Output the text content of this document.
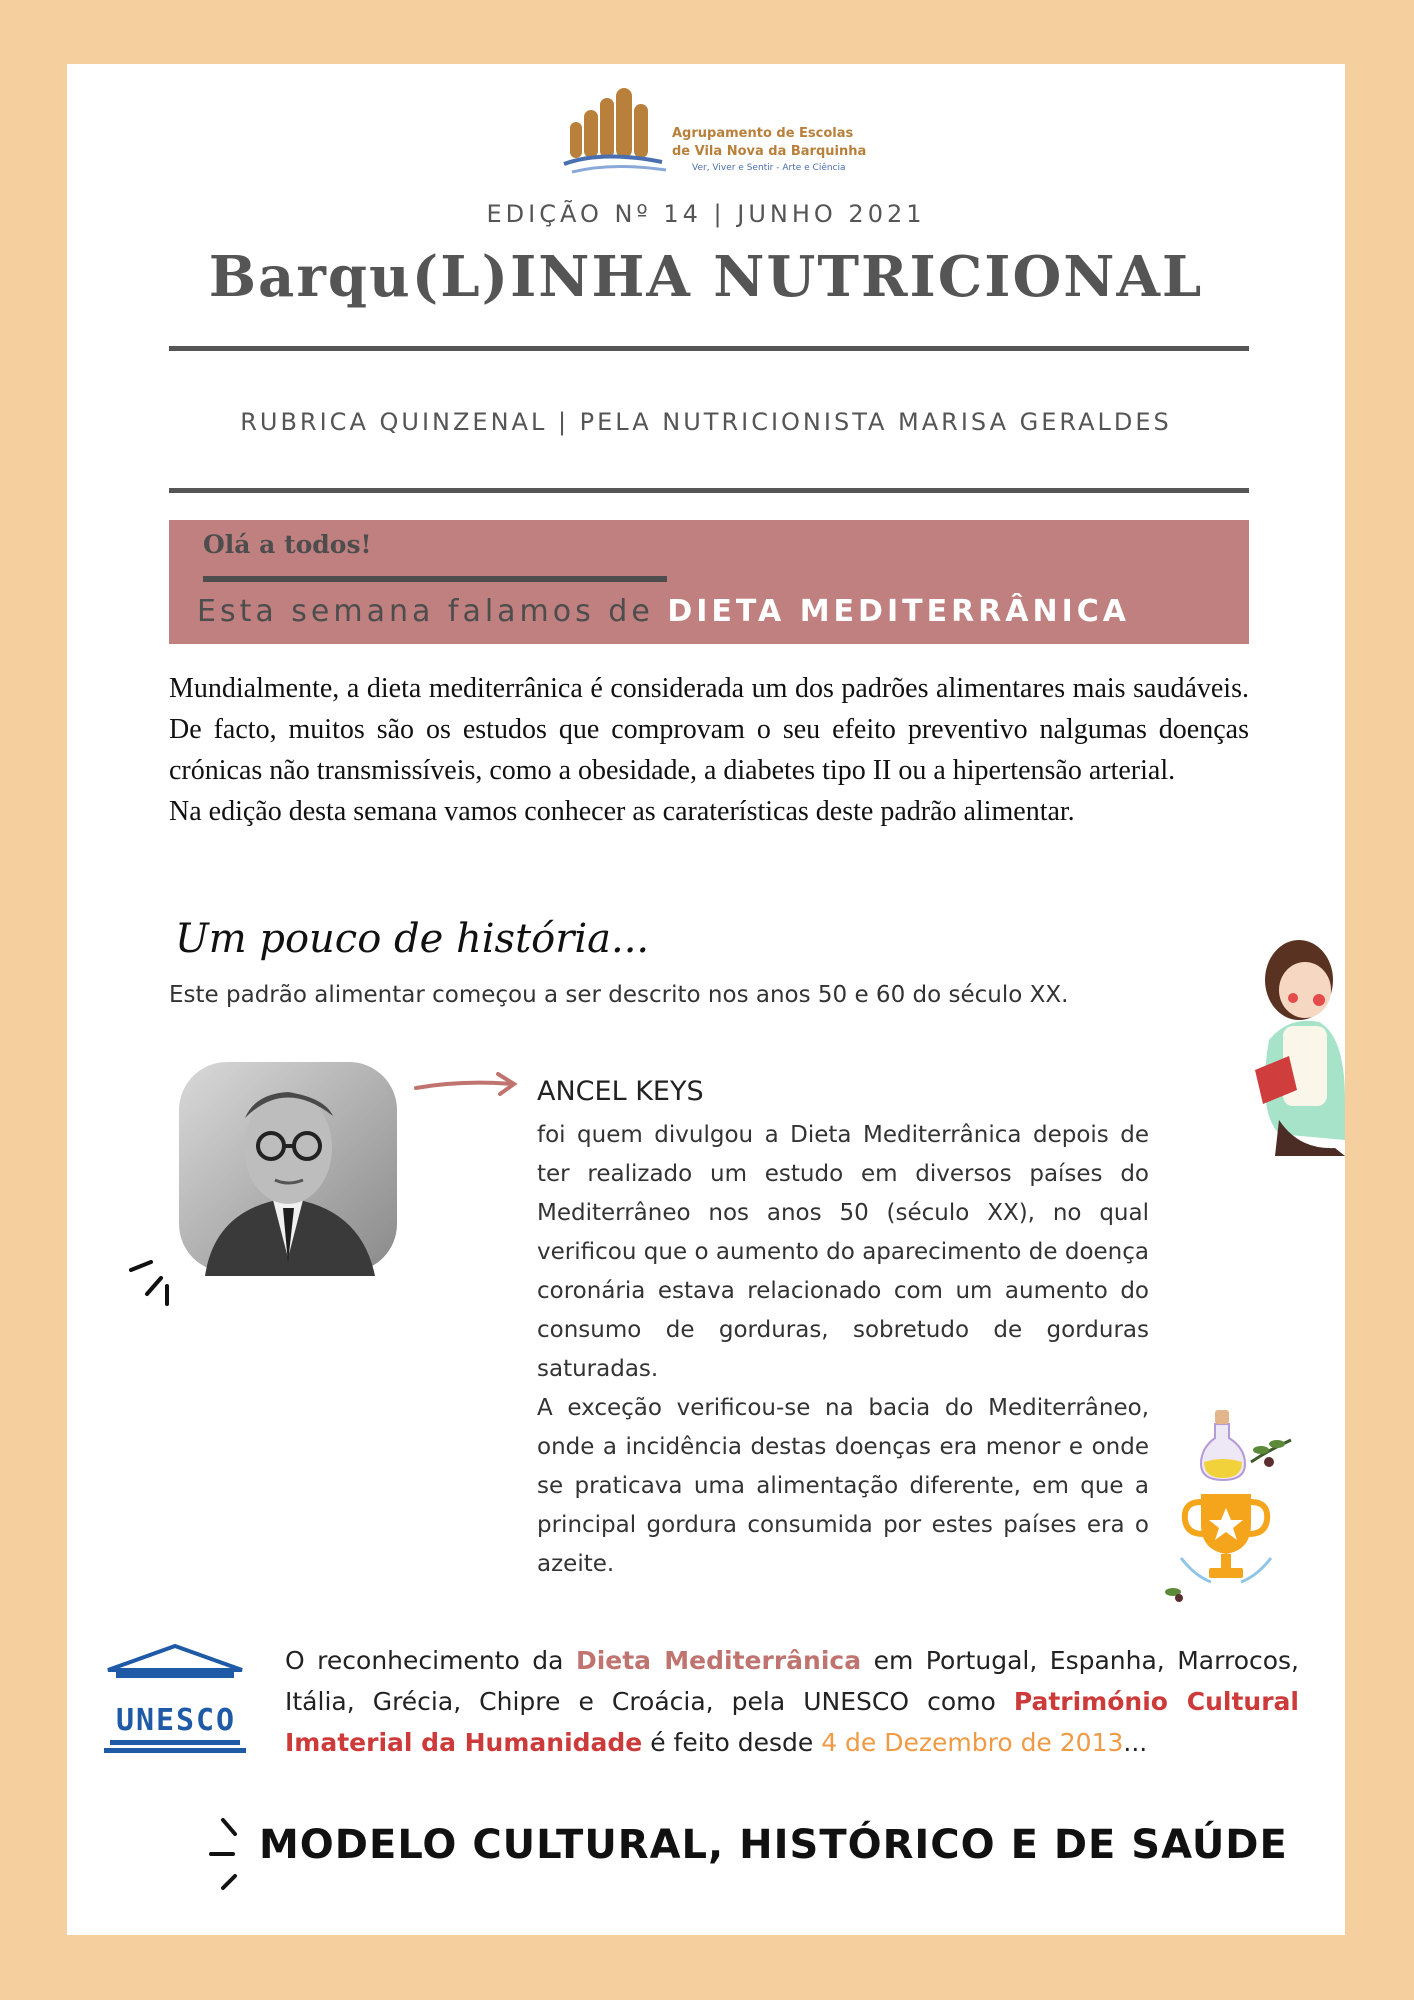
Agrupamento de Escolas
de Vila Nova da Barquinha
Ver, Viver e Sentir - Arte e Ciência
EDIÇÃO Nº 14 | JUNHO 2021
Barqu(L)INHA NUTRICIONAL
RUBRICA QUINZENAL | PELA NUTRICIONISTA MARISA GERALDES
Olá a todos!
Esta semana falamos de DIETA MEDITERRÂNICA

Mundialmente, a dieta mediterrânica é considerada um dos padrões alimentares mais saudáveis. De facto, muitos são os estudos que comprovam o seu efeito preventivo nalgumas doenças crónicas não transmissíveis, como a obesidade, a diabetes tipo II ou a hipertensão arterial.

Na edição desta semana vamos conhecer as caraterísticas deste padrão alimentar.

Um pouco de história...
Este padrão alimentar começou a ser descrito nos anos 50 e 60 do século XX.
ANCEL KEYS

foi quem divulgou a Dieta Mediterrânica depois de ter realizado um estudo em diversos países do Mediterrâneo nos anos 50 (século XX), no qual verificou que o aumento do aparecimento de doença coronária estava relacionado com um aumento do consumo de gorduras, sobretudo de gorduras saturadas.

A exceção verificou-se na bacia do Mediterrâneo, onde a incidência destas doenças era menor e onde se praticava uma alimentação diferente, em que a principal gordura consumida por estes países era o azeite.

UNESCO
O reconhecimento da Dieta Mediterrânica em Portugal, Espanha, Marrocos, Itália, Grécia, Chipre e Croácia, pela UNESCO como Património Cultural Imaterial da Humanidade é feito desde 4 de Dezembro de 2013...
MODELO CULTURAL, HISTÓRICO E DE SAÚDE
